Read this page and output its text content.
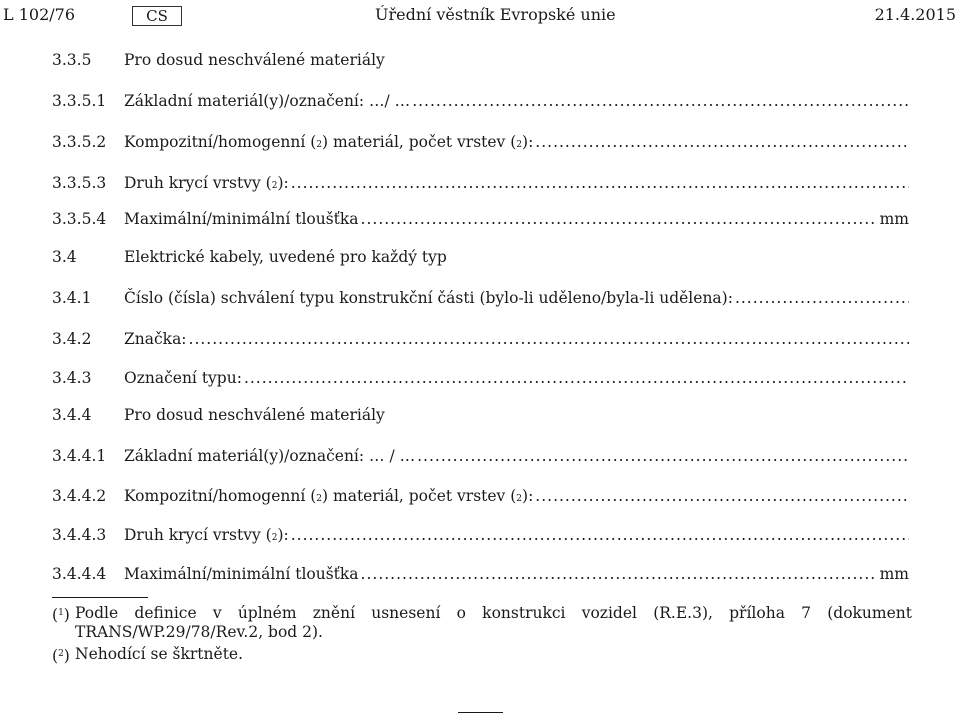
L 102/76	CS	Úřední věstník Evropské unie	21.4.2015
3.3.5 Pro dosud neschválené materiály
3.3.5.1 Základní materiál(y)/označení: …/ …
.....
3.3.5.2 Kompozitní/homogenní ( 2 ) materiál, počet vrstev ( 2 ):
.....
3.3.5.3 Druh krycí vrstvy ( 2 ):
.....
3.3.5.4 Maximální/minimální tloušťka .....	mm
3.4	Elektrické kabely, uvedené pro každý typ
3.4.1 Číslo (čísla) schválení typu konstrukční části (bylo-li uděleno/byla-li udělena):
.....
3.4.2 Značka:
.....
3.4.3 Označení typu:
.....
3.4.4 Pro dosud neschválené materiály
3.4.4.1 Základní materiál(y)/označení: … / …
.....
3.4.4.2 Kompozitní/homogenní ( 2 ) materiál, počet vrstev ( 2 ):
.....
3.4.4.3 Druh krycí vrstvy ( 2 ):
.....
3.4.4.4 Maximální/minimální tloušťka .....	mm
($^1$) Podle definice v úplném znění usnesení o konstrukci vozidel (R.E.3), příloha 7 (dokument TRANS/WP.29/78/Rev.2, bod 2).
($^2$) Nehodící se škrtněte.
